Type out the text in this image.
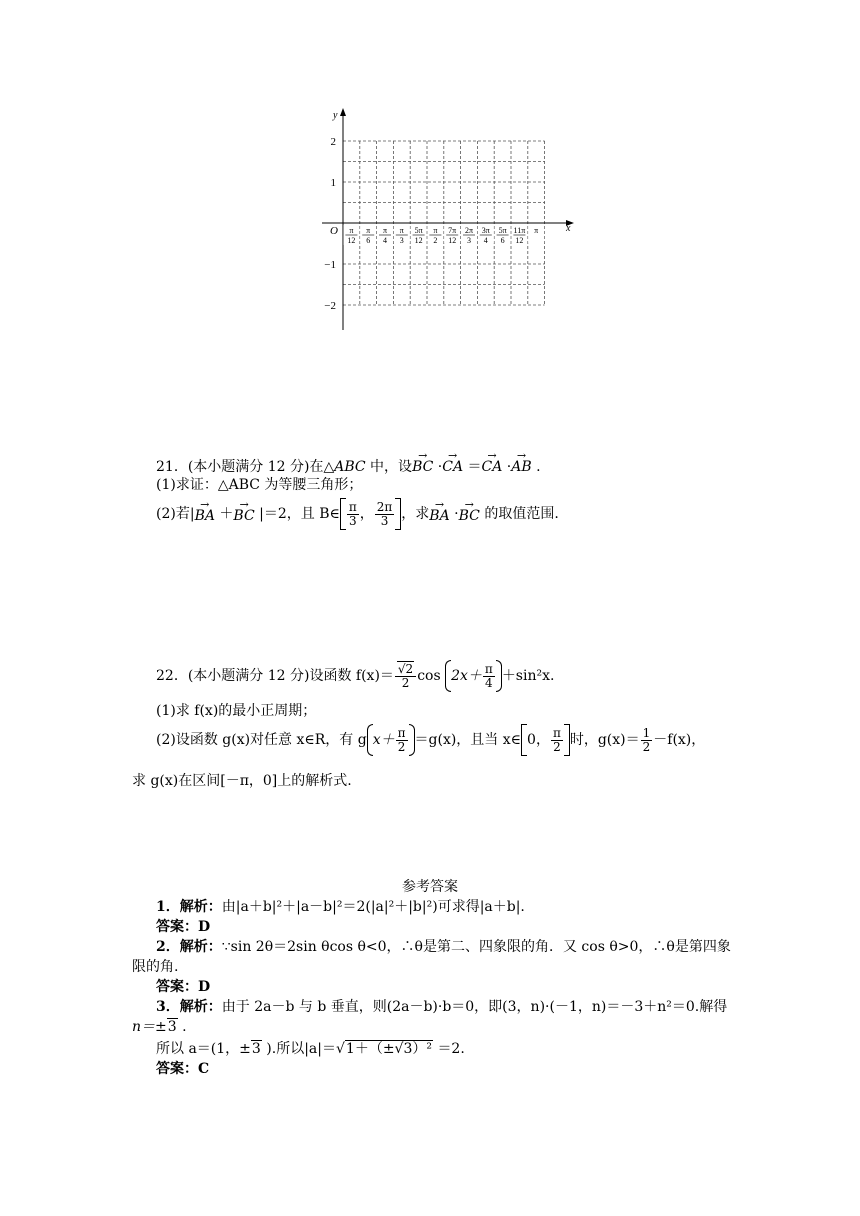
y
x
O
2
1
−1
−2
π
12
π
6
π
4
π
3
5π
12
π
2
7π
12
2π
3
3π
4
5π
6
11π
12
π
21．(本小题满分 12 分)在△ABC 中，设→ BC ·→ CA ＝→ CA ·→ AB .
(1)求证：△ABC 为等腰三角形；
(2)若| → BA
＋ → BC
|＝2，且 B∈ $\frac{\pi}{3}$ ， $\frac{2\pi}{3}$ ，求 → BA · → BC
的取值范围.
22．(本小题满分 12 分)设函数 $f(x)= \frac{√2}{2}$ cos
$2x+ \frac{\pi}{4} +\sin^2x$.
(1)求 f(x)的最小正周期；
(2)设函数 g(x)对任意 x∈R，有 g $x+ \frac{\pi}{2} =g(x)$，且当 x∈ 0， $\frac{\pi}{2}$ 时，$g(x)= \frac{1}{2} -f(x)$，
求 g(x)在区间[－π，0]上的解析式.
参考答案
1．解析：由|a＋b|²＋|a－b|²＝2(|a|²＋|b|²)可求得|a＋b|.
答案：D
2．解析：∵sin 2θ＝2sin θcos θ<0，∴θ是第二、四象限的角．又 cos θ>0，∴θ是第四象
限的角.
答案：D
3．解析：由于 2a－b 与 b 垂直，则(2a－b)·b＝0，即(3，n)·(－1，n)＝－3＋n²＝0.解得
n＝±3 .
所以 a＝(1，±3 ).所以|a|＝√1＋（±√3）² ＝2.
答案：C
